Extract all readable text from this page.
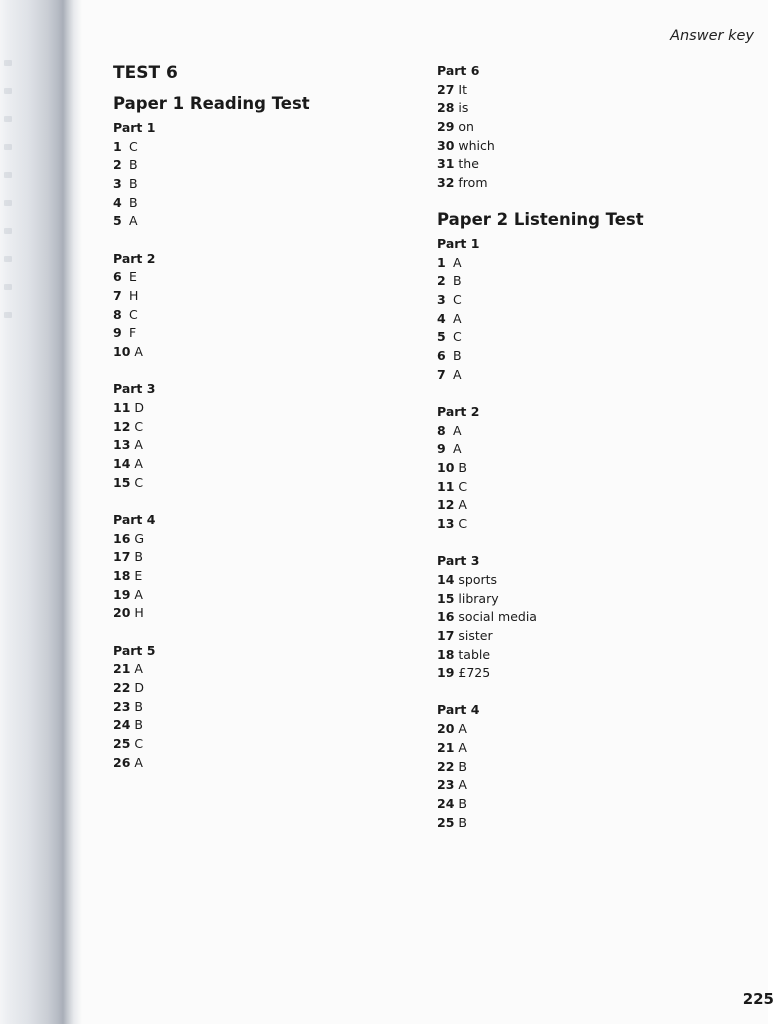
Answer key
TEST 6
Paper 1 Reading Test
Part 1
1 C
2 B
3 B
4 B
5 A
Part 2
6 E
7 H
8 C
9 F
10 A
Part 3
11 D
12 C
13 A
14 A
15 C
Part 4
16 G
17 B
18 E
19 A
20 H
Part 5
21 A
22 D
23 B
24 B
25 C
26 A
Part 6
27 It
28 is
29 on
30 which
31 the
32 from
Paper 2 Listening Test
Part 1
1 A
2 B
3 C
4 A
5 C
6 B
7 A
Part 2
8 A
9 A
10 B
11 C
12 A
13 C
Part 3
14 sports
15 library
16 social media
17 sister
18 table
19 £725
Part 4
20 A
21 A
22 B
23 A
24 B
25 B
225
